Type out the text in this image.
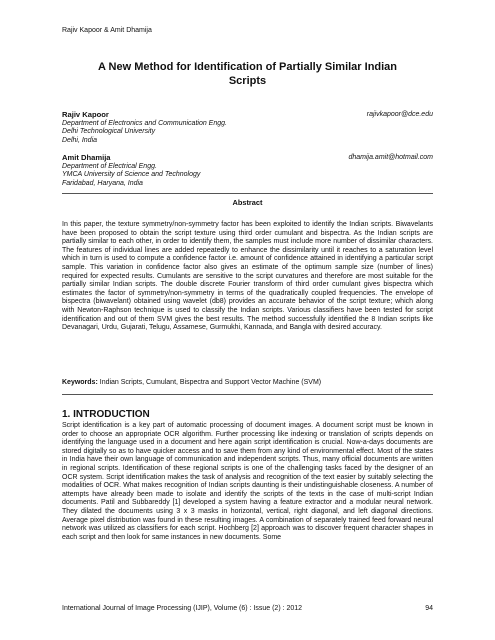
Rajiv Kapoor & Amit Dhamija
A New Method for Identification of Partially Similar Indian
Scripts
Rajiv Kapoor	rajivkapoor@dce.edu
Department of Electronics and Communication Engg.
Delhi Technological University
Delhi, India
Amit Dhamija	dhamija.amit@hotmail.com
Department of Electrical Engg.
YMCA University of Science and Technology
Faridabad, Haryana, India
Abstract

In this paper, the texture symmetry/non-symmetry factor has been exploited to identify the Indian scripts. Biwavelants have been proposed to obtain the script texture using third order cumulant and bispectra. As the Indian scripts are partially similar to each other, in order to identify them, the samples must include more number of dissimilar characters. The features of individual lines are added repeatedly to enhance the dissimilarity until it reaches to a saturation level which in turn is used to compute a confidence factor i.e. amount of confidence attained in identifying a particular script sample. This variation in confidence factor also gives an estimate of the optimum sample size (number of lines) required for expected results. Cumulants are sensitive to the script curvatures and therefore are most suitable for the partially similar Indian scripts. The double discrete Fourier transform of third order cumulant gives bispectra which estimates the factor of symmetry/non-symmetry in terms of the quadratically coupled frequencies. The envelope of bispectra (biwavelant) obtained using wavelet (db8) provides an accurate behavior of the script texture; which along with Newton-Raphson technique is used to classify the Indian scripts. Various classifiers have been tested for script identification and out of them SVM gives the best results. The method successfully identified the 8 Indian scripts like Devanagari, Urdu, Gujarati, Telugu, Assamese, Gurmukhi, Kannada, and Bangla with desired accuracy.

Keywords: Indian Scripts, Cumulant, Bispectra and Support Vector Machine (SVM)
1. INTRODUCTION

Script identification is a key part of automatic processing of document images. A document script must be known in order to choose an appropriate OCR algorithm. Further processing like indexing or translation of scripts depends on identifying the language used in a document and here again script identification is crucial. Now-a-days documents are stored digitally so as to have quicker access and to save them from any kind of environmental effect. Most of the states in India have their own language of communication and independent scripts. Thus, many official documents are written in regional scripts. Identification of these regional scripts is one of the challenging tasks faced by the designer of an OCR system. Script identification makes the task of analysis and recognition of the text easier by suitably selecting the modalities of OCR. What makes recognition of Indian scripts daunting is their undistinguishable closeness. A number of attempts have already been made to isolate and identify the scripts of the texts in the case of multi-script Indian documents. Patil and Subbareddy [1] developed a system having a feature extractor and a modular neural network. They dilated the documents using 3 x 3 masks in horizontal, vertical, right diagonal, and left diagonal directions. Average pixel distribution was found in these resulting images. A combination of separately trained feed forward neural network was utilized as classifiers for each script. Hochberg [2] approach was to discover frequent character shapes in each script and then look for same instances in new documents. Some

International Journal of Image Processing (IJIP), Volume (6) : Issue (2) : 2012	94
